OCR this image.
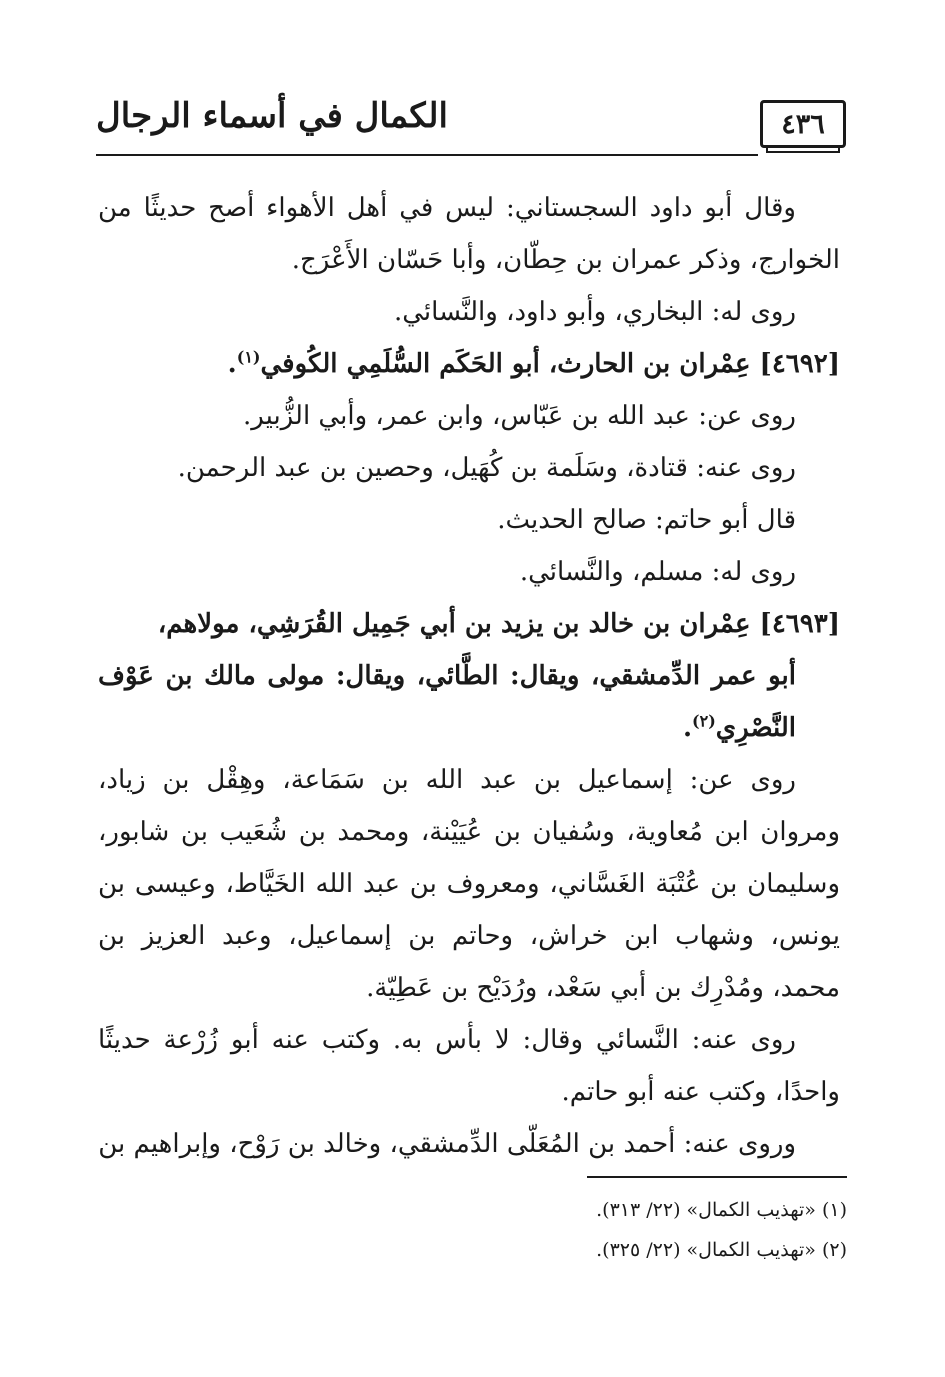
٤٣٦
الكمال في أسماء الرجال

وقال أبو داود السجستاني: ليس في أهل الأهواء أصح حديثًا من الخوارج، وذكر عمران بن حِطّان، وأبا حَسّان الأَعْرَج.

روى له: البخاري، وأبو داود، والنَّسائي.

[٤٦٩٢] عِمْران بن الحارث، أبو الحَكَم السُّلَمِي الكُوفي$^{(١)}$.

روى عن: عبد الله بن عَبّاس، وابن عمر، وأبي الزُّبير.

روى عنه: قتادة، وسَلَمة بن كُهَيل، وحصين بن عبد الرحمن.

قال أبو حاتم: صالح الحديث.

روى له: مسلم، والنَّسائي.

[٤٦٩٣] عِمْران بن خالد بن يزيد بن أبي جَمِيل القُرَشِي، مولاهم،
أبو عمر الدِّمشقي، ويقال: الطَّائي، ويقال: مولى مالك بن عَوْف النَّصْرِي$^{(٢)}$.

روى عن: إسماعيل بن عبد الله بن سَمَاعة، وهِقْل بن زياد، ومروان ابن مُعاوية، وسُفيان بن عُيَيْنة، ومحمد بن شُعَيب بن شابور، وسليمان بن عُتْبَة الغَسَّاني، ومعروف بن عبد الله الخَيَّاط، وعيسى بن يونس، وشهاب ابن خراش، وحاتم بن إسماعيل، وعبد العزيز بن محمد، ومُدْرِك بن أبي سَعْد، ورُدَيْح بن عَطِيّة.

روى عنه: النَّسائي وقال: لا بأس به. وكتب عنه أبو زُرْعة حديثًا واحدًا، وكتب عنه أبو حاتم.

وروى عنه: أحمد بن المُعَلّى الدِّمشقي، وخالد بن رَوْح، وإبراهيم بن

(١) «تهذيب الكمال» (٢٢/ ٣١٣).

(٢) «تهذيب الكمال» (٢٢/ ٣٢٥).
